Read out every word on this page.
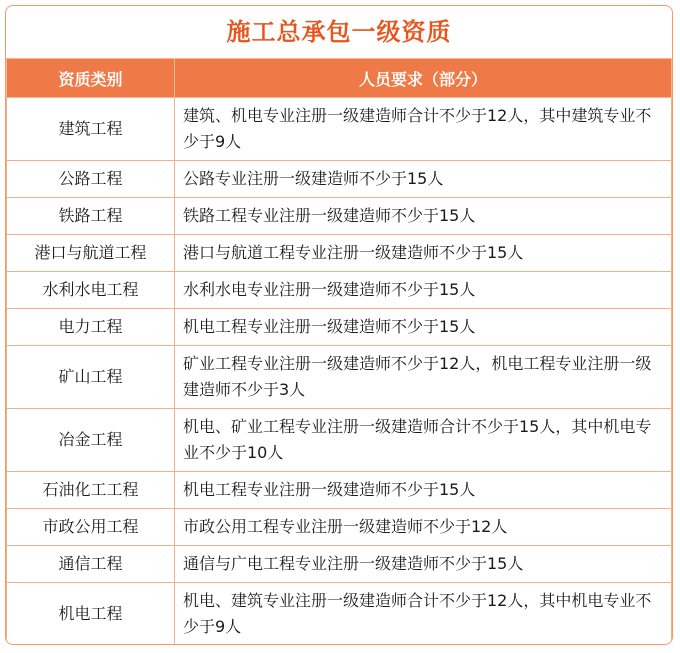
施工总承包一级资质
资质类别	人员要求（部分）
建筑工程	建筑、机电专业注册一级建造师合计不少于12人，其中建筑专业不少于9人
公路工程	公路专业注册一级建造师不少于15人
铁路工程	铁路工程专业注册一级建造师不少于15人
港口与航道工程	港口与航道工程专业注册一级建造师不少于15人
水利水电工程	水利水电专业注册一级建造师不少于15人
电力工程	机电工程专业注册一级建造师不少于15人
矿山工程	矿业工程专业注册一级建造师不少于12人，机电工程专业注册一级建造师不少于3人
冶金工程	机电、矿业工程专业注册一级建造师合计不少于15人，其中机电专业不少于10人
石油化工工程	机电工程专业注册一级建造师不少于15人
市政公用工程	市政公用工程专业注册一级建造师不少于12人
通信工程	通信与广电工程专业注册一级建造师不少于15人
机电工程	机电、建筑专业注册一级建造师合计不少于12人，其中机电专业不少于9人
